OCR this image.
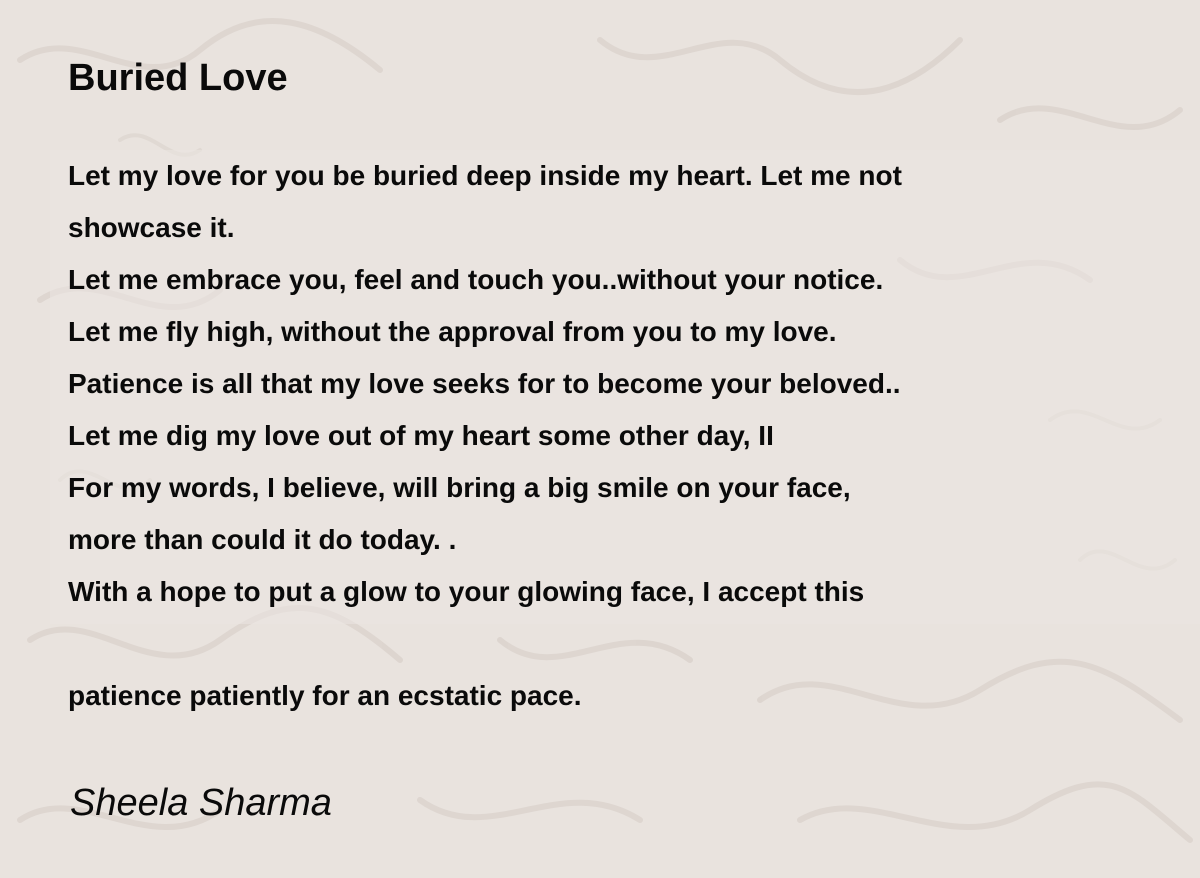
Buried Love
Let my love for you be buried deep inside my heart. Let me not
showcase it.
Let me embrace you, feel and touch you..without your notice.
Let me fly high, without the approval from you to my love.
Patience is all that my love seeks for to become your beloved..
Let me dig my love out of my heart some other day, II
For my words, I believe, will bring a big smile on your face,
more than could it do today. .
With a hope to put a glow to your glowing face, I accept this
patience patiently for an ecstatic pace.

Sheela Sharma
